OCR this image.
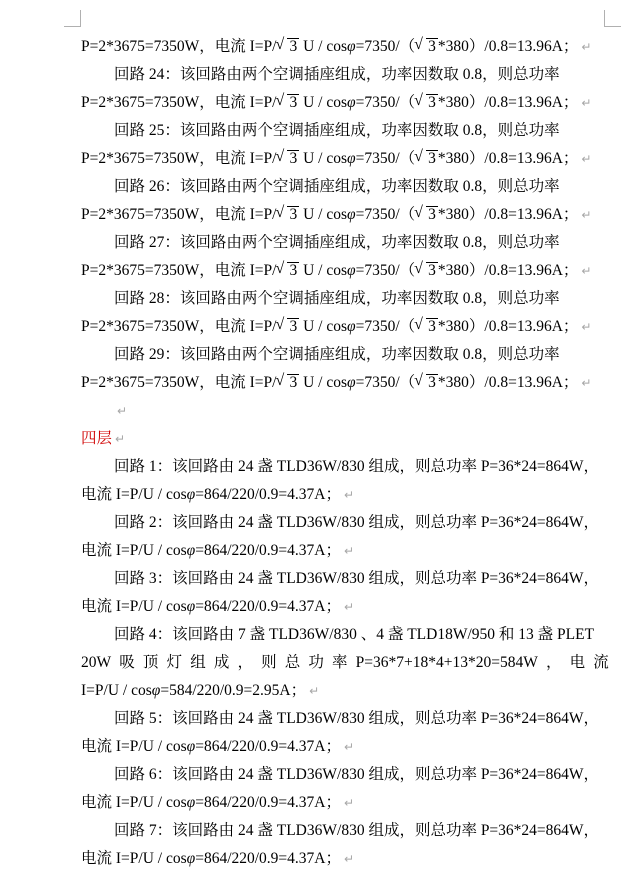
P=2*3675=7350W，电流 I=P/ √ 3 U / cosφ=7350/（ √ 3 *380）/0.8=13.96A； ↵
回路 24：该回路由两个空调插座组成，功率因数取 0.8，则总功率
P=2*3675=7350W，电流 I=P/ √ 3 U / cosφ=7350/（ √ 3 *380）/0.8=13.96A； ↵
回路 25：该回路由两个空调插座组成，功率因数取 0.8，则总功率
P=2*3675=7350W，电流 I=P/ √ 3 U / cosφ=7350/（ √ 3 *380）/0.8=13.96A； ↵
回路 26：该回路由两个空调插座组成，功率因数取 0.8，则总功率
P=2*3675=7350W，电流 I=P/ √ 3 U / cosφ=7350/（ √ 3 *380）/0.8=13.96A； ↵
回路 27：该回路由两个空调插座组成，功率因数取 0.8，则总功率
P=2*3675=7350W，电流 I=P/ √ 3 U / cosφ=7350/（ √ 3 *380）/0.8=13.96A； ↵
回路 28：该回路由两个空调插座组成，功率因数取 0.8，则总功率
P=2*3675=7350W，电流 I=P/ √ 3 U / cosφ=7350/（ √ 3 *380）/0.8=13.96A； ↵
回路 29：该回路由两个空调插座组成，功率因数取 0.8，则总功率
P=2*3675=7350W，电流 I=P/ √ 3 U / cosφ=7350/（ √ 3 *380）/0.8=13.96A； ↵
↵
四层 ↵
回路 1：该回路由 24 盏 TLD36W/830 组成，则总功率 P=36*24=864W，
电流 I=P/U / cosφ=864/220/0.9=4.37A； ↵
回路 2：该回路由 24 盏 TLD36W/830 组成，则总功率 P=36*24=864W，
电流 I=P/U / cosφ=864/220/0.9=4.37A； ↵
回路 3：该回路由 24 盏 TLD36W/830 组成，则总功率 P=36*24=864W，
电流 I=P/U / cosφ=864/220/0.9=4.37A； ↵
回路 4：该回路由 7 盏 TLD36W/830 、4 盏 TLD18W/950 和 13 盏 PLET
20W 吸 顶 灯 组 成 ， 则 总 功 率 P=36*7+18*4+13*20=584W ， 电 流
I=P/U / cosφ=584/220/0.9=2.95A； ↵
回路 5：该回路由 24 盏 TLD36W/830 组成，则总功率 P=36*24=864W，
电流 I=P/U / cosφ=864/220/0.9=4.37A； ↵
回路 6：该回路由 24 盏 TLD36W/830 组成，则总功率 P=36*24=864W，
电流 I=P/U / cosφ=864/220/0.9=4.37A； ↵
回路 7：该回路由 24 盏 TLD36W/830 组成，则总功率 P=36*24=864W，
电流 I=P/U / cosφ=864/220/0.9=4.37A； ↵
